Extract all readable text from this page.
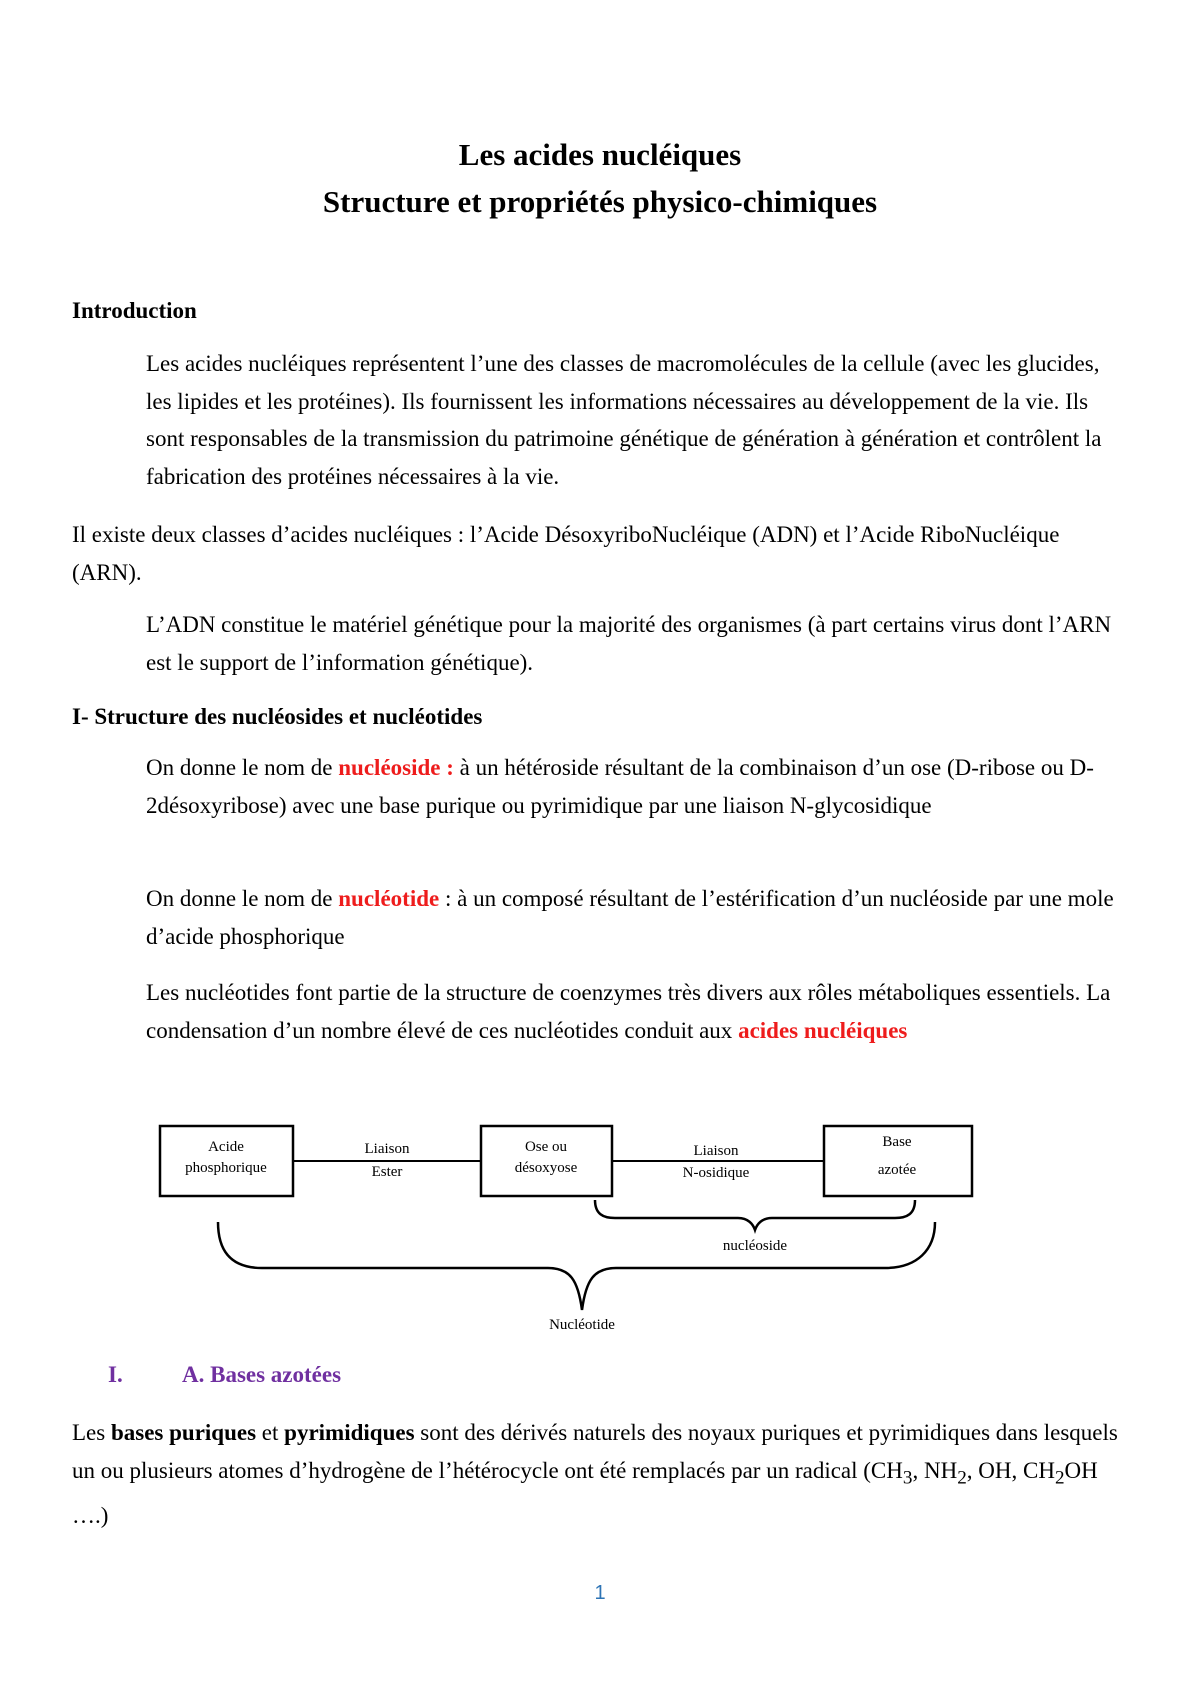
Les acides nucléiques
Structure et propriétés physico-chimiques
Introduction

Les acides nucléiques représentent l’une des classes de macromolécules de la cellule (avec les glucides, les lipides et les protéines). Ils fournissent les informations nécessaires au développement de la vie. Ils sont responsables de la transmission du patrimoine génétique de génération à génération et contrôlent la fabrication des protéines nécessaires à la vie.

Il existe deux classes d’acides nucléiques : l’Acide DésoxyriboNucléique (ADN) et l’Acide RiboNucléique (ARN).

L’ADN constitue le matériel génétique pour la majorité des organismes (à part certains virus dont l’ARN est le support de l’information génétique).

I- Structure des nucléosides et nucléotides

On donne le nom de nucléoside : à un hétéroside résultant de la combinaison d’un ose (D-ribose ou D-2désoxyribose) avec une base purique ou pyrimidique par une liaison N-glycosidique

On donne le nom de nucléotide : à un composé résultant de l’estérification d’un nucléoside par une mole d’acide phosphorique

Les nucléotides font partie de la structure de coenzymes très divers aux rôles métaboliques essentiels. La condensation d’un nombre élevé de ces nucléotides conduit aux acides nucléiques

Acide
phosphorique
Liaison
Ester
Ose ou
désoxyose
Liaison
N-osidique
Base
azotée
nucléoside
Nucléotide
I.	A. Bases azotées

Les bases puriques et pyrimidiques sont des dérivés naturels des noyaux puriques et pyrimidiques dans lesquels un ou plusieurs atomes d’hydrogène de l’hétérocycle ont été remplacés par un radical ($CH_3$, $NH_2$, OH, $CH_2OH$ ….)

1
